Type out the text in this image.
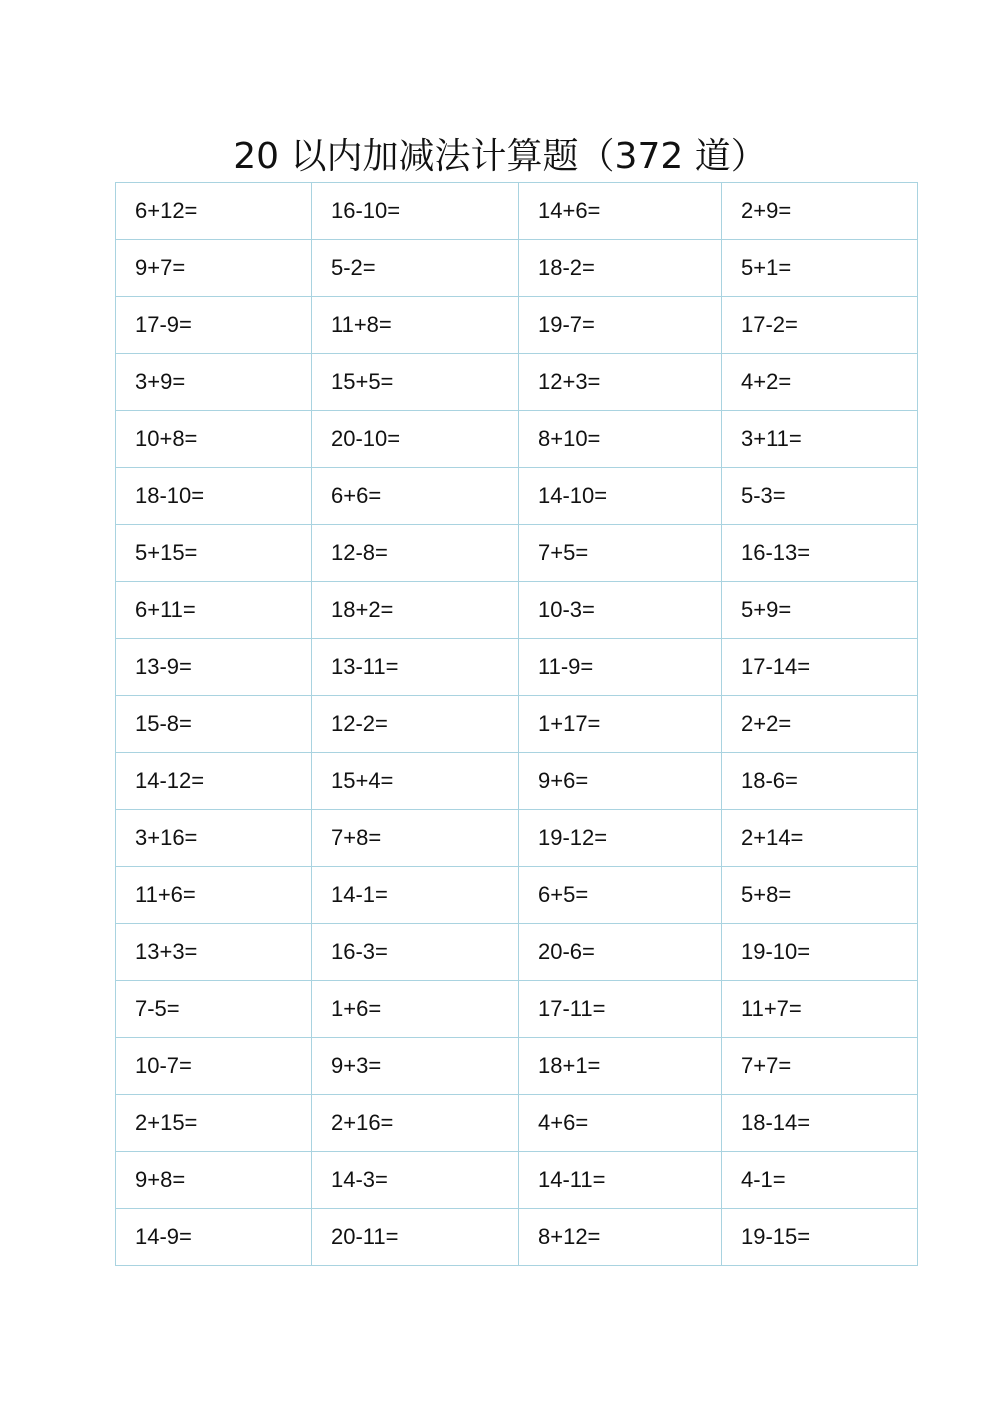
20 以内加减法计算题（372 道）
6+12=	16-10=	14+6=	2+9=
9+7=	5-2=	18-2=	5+1=
17-9=	11+8=	19-7=	17-2=
3+9=	15+5=	12+3=	4+2=
10+8=	20-10=	8+10=	3+11=
18-10=	6+6=	14-10=	5-3=
5+15=	12-8=	7+5=	16-13=
6+11=	18+2=	10-3=	5+9=
13-9=	13-11=	11-9=	17-14=
15-8=	12-2=	1+17=	2+2=
14-12=	15+4=	9+6=	18-6=
3+16=	7+8=	19-12=	2+14=
11+6=	14-1=	6+5=	5+8=
13+3=	16-3=	20-6=	19-10=
7-5=	1+6=	17-11=	11+7=
10-7=	9+3=	18+1=	7+7=
2+15=	2+16=	4+6=	18-14=
9+8=	14-3=	14-11=	4-1=
14-9=	20-11=	8+12=	19-15=
